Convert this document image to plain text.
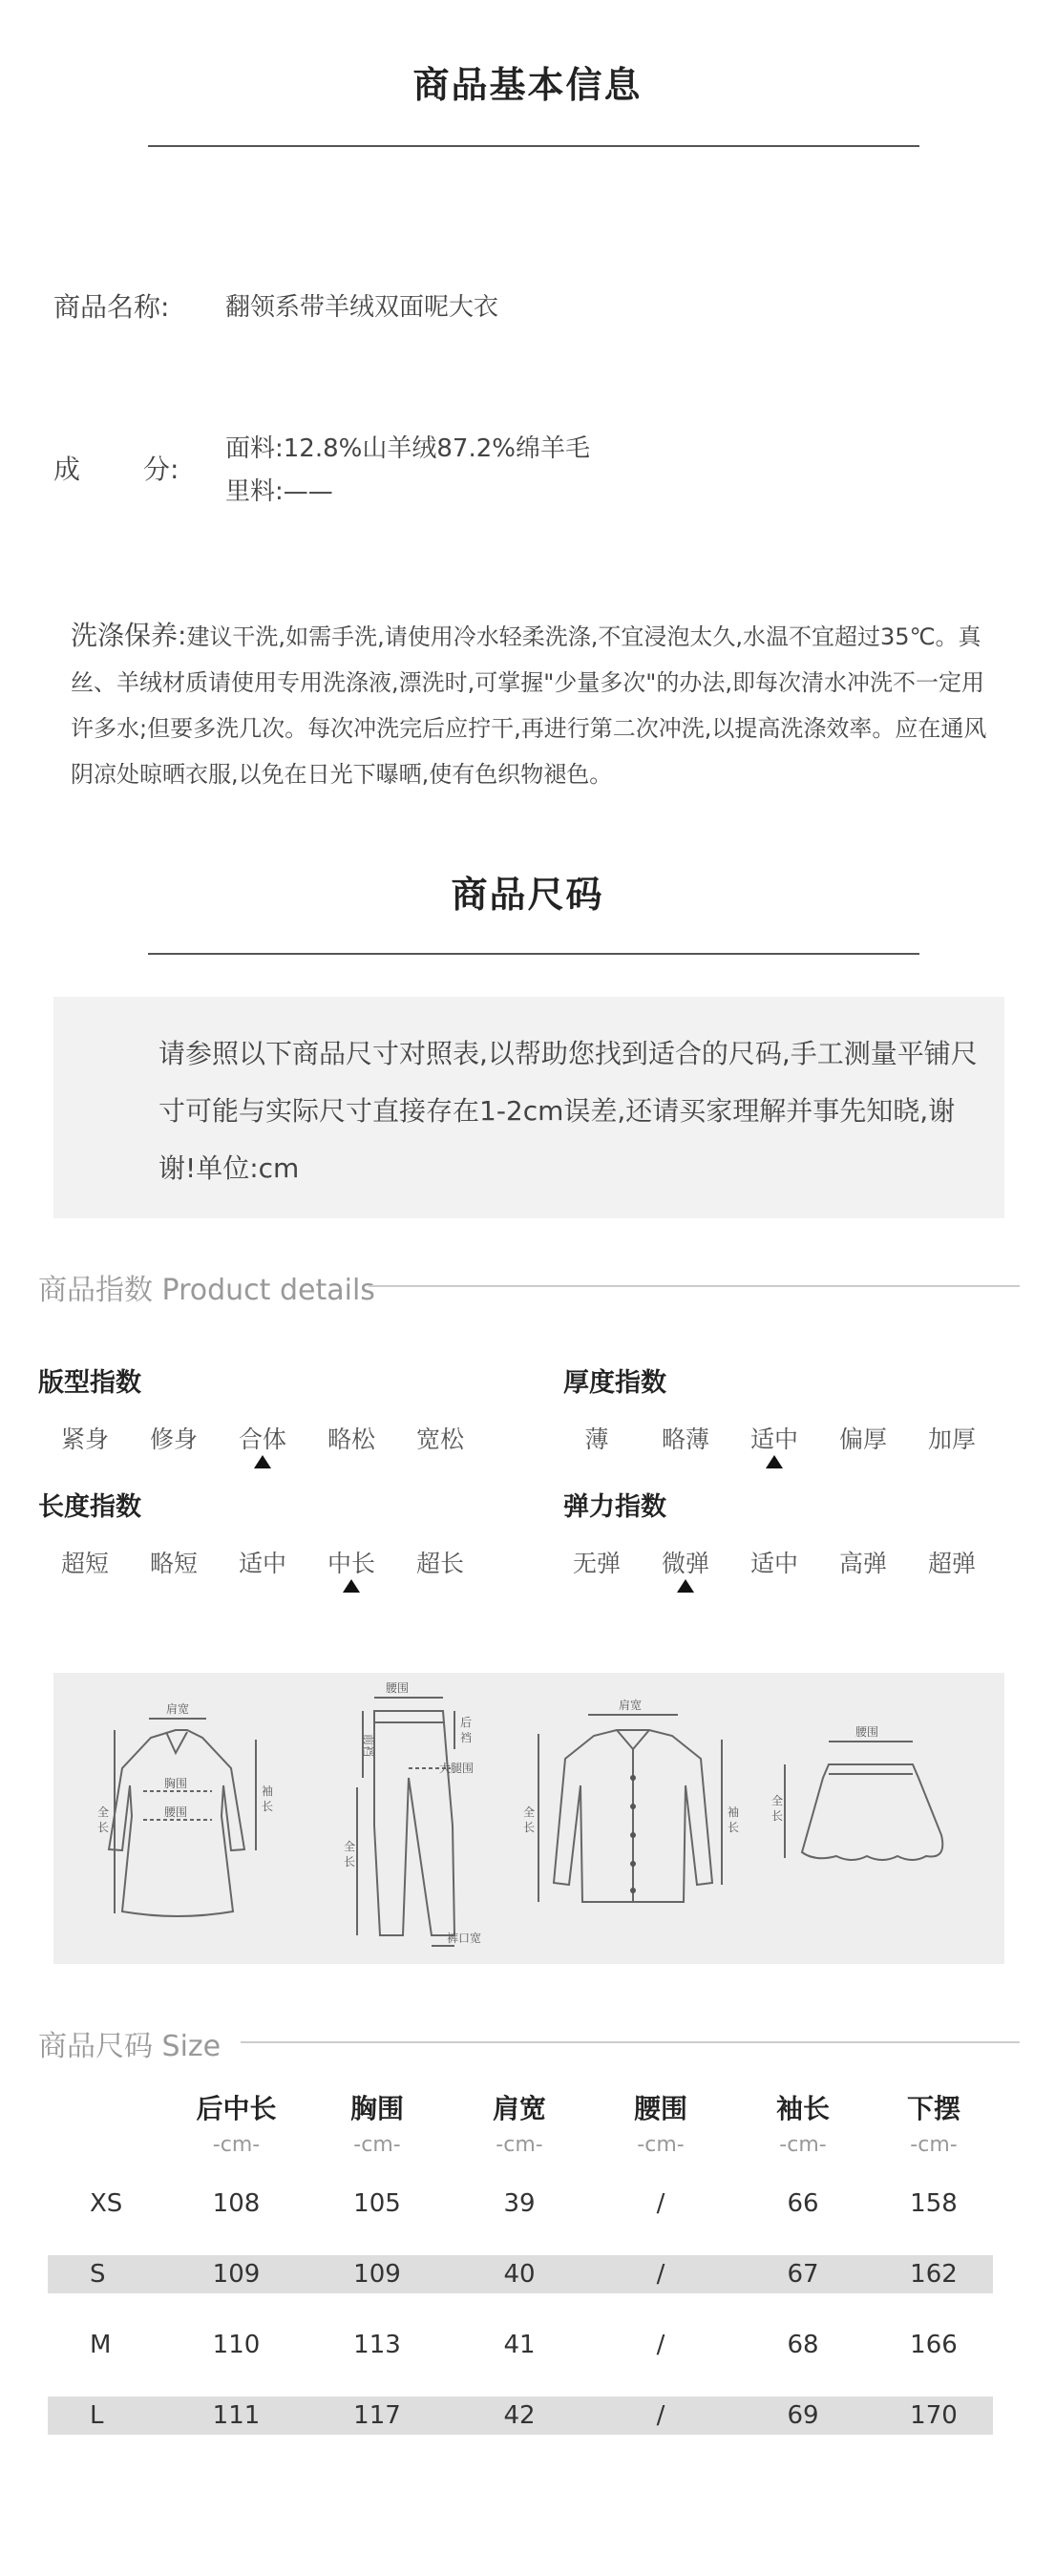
商品基本信息
商品名称: 翻领系带羊绒双面呢大衣
成 分:
面料:12.8%山羊绒87.2%绵羊毛
里料:——
洗涤保养:建议干洗,如需手洗,请使用冷水轻柔洗涤,不宜浸泡太久,水温不宜超过35℃。真丝、羊绒材质请使用专用洗涤液,漂洗时,可掌握"少量多次"的办法,即每次清水冲洗不一定用许多水;但要多洗几次。每次冲洗完后应拧干,再进行第二次冲洗,以提高洗涤效率。应在通风阴凉处晾晒衣服,以免在日光下曝晒,使有色织物褪色。
商品尺码
请参照以下商品尺寸对照表,以帮助您找到适合的尺码,手工测量平铺尺寸可能与实际尺寸直接存在1-2cm误差,还请买家理解并事先知晓,谢谢!单位:cm
商品指数 Product details
版型指数
紧身	修身	合体	略松	宽松
厚度指数
薄	略薄	适中	偏厚	加厚
长度指数
超短	略短	适中	中长	超长
弹力指数
无弹	微弹	适中	高弹	超弹
肩宽
胸围
腰围
全
长
袖
长
腰围
前裆
后
裆
大腿围
全
长
裤口宽
肩宽
全
长
袖
长
腰围
全
长
商品尺码 Size
	后中长	胸围	肩宽	腰围	袖长	下摆
	-cm-	-cm-	-cm-	-cm-	-cm-	-cm-

XS	108	105	39	/	66	158

S	109	109	40	/	67	162

M	110	113	41	/	68	166

L	111	117	42	/	69	170
